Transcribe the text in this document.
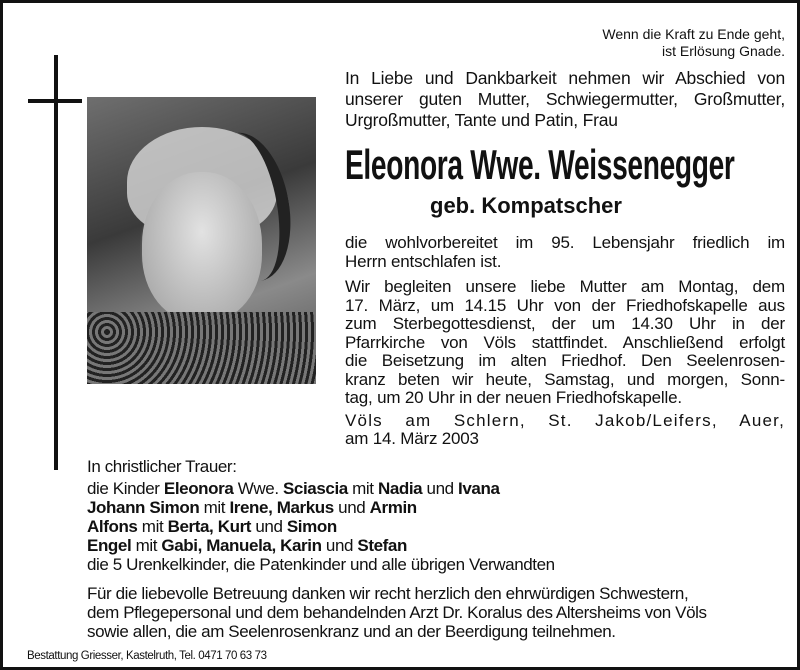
Wenn die Kraft zu Ende geht,
ist Erlösung Gnade.
In Liebe und Dankbarkeit nehmen wir Abschied von
unserer guten Mutter, Schwiegermutter, Großmutter,
Urgroßmutter, Tante und Patin, Frau
Eleonora Wwe. Weissenegger
geb. Kompatscher
die wohlvorbereitet im 95. Lebensjahr friedlich im
Herrn entschlafen ist.
Wir begleiten unsere liebe Mutter am Montag, dem
17. März, um 14.15 Uhr von der Friedhofskapelle aus
zum Sterbegottesdienst, der um 14.30 Uhr in der
Pfarrkirche von Völs stattfindet. Anschließend erfolgt
die Beisetzung im alten Friedhof. Den Seelenrosen-
kranz beten wir heute, Samstag, und morgen, Sonn-
tag, um 20 Uhr in der neuen Friedhofskapelle.
Völs am Schlern, St. Jakob/Leifers, Auer,
am 14. März 2003
In christlicher Trauer:
die Kinder Eleonora Wwe. Sciascia mit Nadia und Ivana
Johann Simon mit Irene, Markus und Armin
Alfons mit Berta, Kurt und Simon
Engel mit Gabi, Manuela, Karin und Stefan
die 5 Urenkelkinder, die Patenkinder und alle übrigen Verwandten
Für die liebevolle Betreuung danken wir recht herzlich den ehrwürdigen Schwestern,
dem Pflegepersonal und dem behandelnden Arzt Dr. Koralus des Altersheims von Völs
sowie allen, die am Seelenrosenkranz und an der Beerdigung teilnehmen.
Bestattung Griesser, Kastelruth, Tel. 0471 70 63 73
